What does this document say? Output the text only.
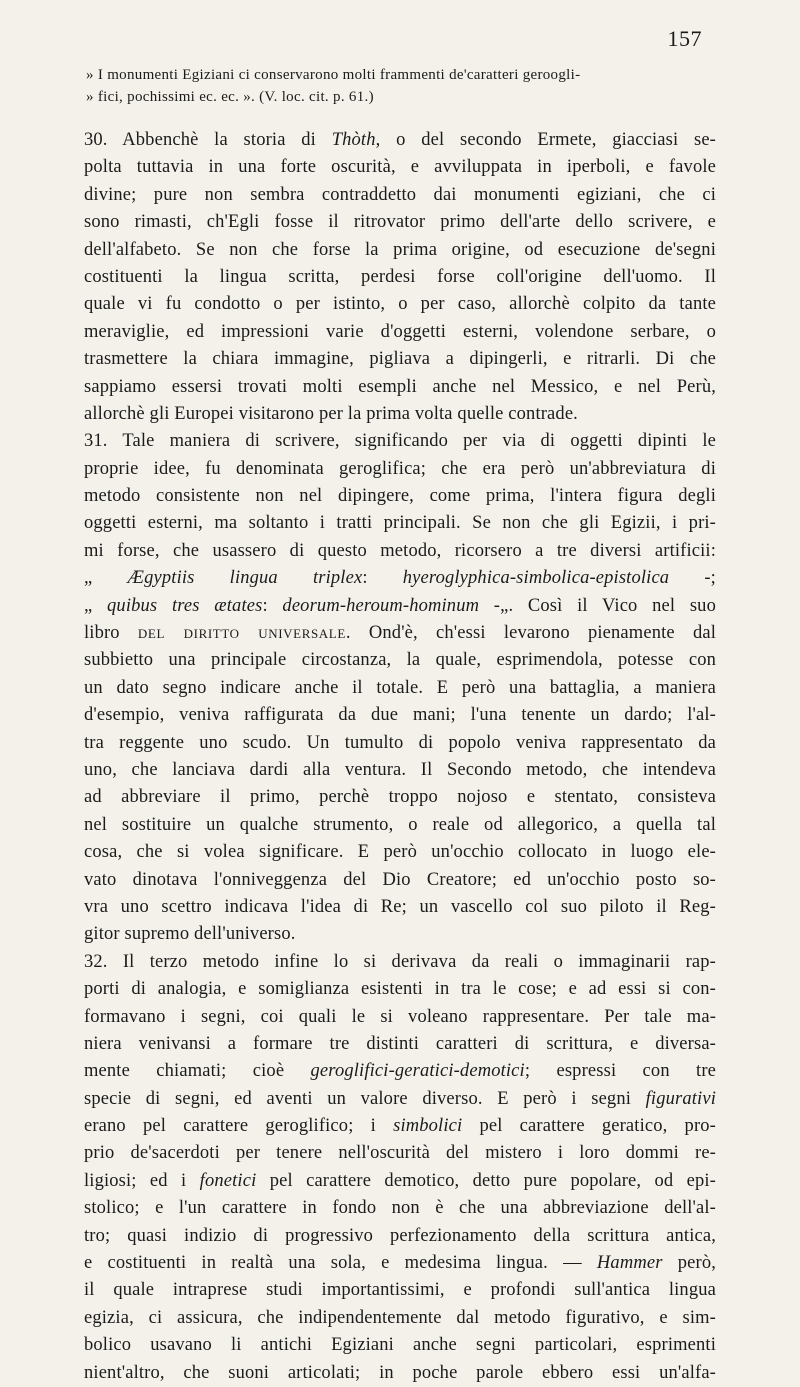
157
» I monumenti Egiziani ci conservarono molti frammenti de'caratteri geroogli-
» fici, pochissimi ec. ec. ». (V. loc. cit. p. 61.)
30. Abbenchè la storia di Thòth, o del secondo Ermete, giacciasi se-
polta tuttavia in una forte oscurità, e avviluppata in iperboli, e favole
divine; pure non sembra contraddetto dai monumenti egiziani, che ci
sono rimasti, ch'Egli fosse il ritrovator primo dell'arte dello scrivere, e
dell'alfabeto. Se non che forse la prima origine, od esecuzione de'segni
costituenti la lingua scritta, perdesi forse coll'origine dell'uomo. Il
quale vi fu condotto o per istinto, o per caso, allorchè colpito da tante
meraviglie, ed impressioni varie d'oggetti esterni, volendone serbare, o
trasmettere la chiara immagine, pigliava a dipingerli, e ritrarli. Di che
sappiamo essersi trovati molti esempli anche nel Messico, e nel Perù,
allorchè gli Europei visitarono per la prima volta quelle contrade.
31. Tale maniera di scrivere, significando per via di oggetti dipinti le
proprie idee, fu denominata geroglifica; che era però un'abbreviatura di
metodo consistente non nel dipingere, come prima, l'intera figura degli
oggetti esterni, ma soltanto i tratti principali. Se non che gli Egizii, i pri-
mi forse, che usassero di questo metodo, ricorsero a tre diversi artificii:
„ Ægyptiis lingua triplex: hyeroglyphica-simbolica-epistolica -;
„ quibus tres ætates: deorum-heroum-hominum -„. Così il Vico nel suo
libro del diritto universale. Ond'è, ch'essi levarono pienamente dal
subbietto una principale circostanza, la quale, esprimendola, potesse con
un dato segno indicare anche il totale. E però una battaglia, a maniera
d'esempio, veniva raffigurata da due mani; l'una tenente un dardo; l'al-
tra reggente uno scudo. Un tumulto di popolo veniva rappresentato da
uno, che lanciava dardi alla ventura. Il Secondo metodo, che intendeva
ad abbreviare il primo, perchè troppo nojoso e stentato, consisteva
nel sostituire un qualche strumento, o reale od allegorico, a quella tal
cosa, che si volea significare. E però un'occhio collocato in luogo ele-
vato dinotava l'onniveggenza del Dio Creatore; ed un'occhio posto so-
vra uno scettro indicava l'idea di Re; un vascello col suo piloto il Reg-
gitor supremo dell'universo.
32. Il terzo metodo infine lo si derivava da reali o immaginarii rap-
porti di analogia, e somiglianza esistenti in tra le cose; e ad essi si con-
formavano i segni, coi quali le si voleano rappresentare. Per tale ma-
niera venivansi a formare tre distinti caratteri di scrittura, e diversa-
mente chiamati; cioè geroglifici-geratici-demotici; espressi con tre
specie di segni, ed aventi un valore diverso. E però i segni figurativi
erano pel carattere geroglifico; i simbolici pel carattere geratico, pro-
prio de'sacerdoti per tenere nell'oscurità del mistero i loro dommi re-
ligiosi; ed i fonetici pel carattere demotico, detto pure popolare, od epi-
stolico; e l'un carattere in fondo non è che una abbreviazione dell'al-
tro; quasi indizio di progressivo perfezionamento della scrittura antica,
e costituenti in realtà una sola, e medesima lingua. — Hammer però,
il quale intraprese studi importantissimi, e profondi sull'antica lingua
egizia, ci assicura, che indipendentemente dal metodo figurativo, e sim-
bolico usavano li antichi Egiziani anche segni particolari, esprimenti
nient'altro, che suoni articolati; in poche parole ebbero essi un'alfa-
